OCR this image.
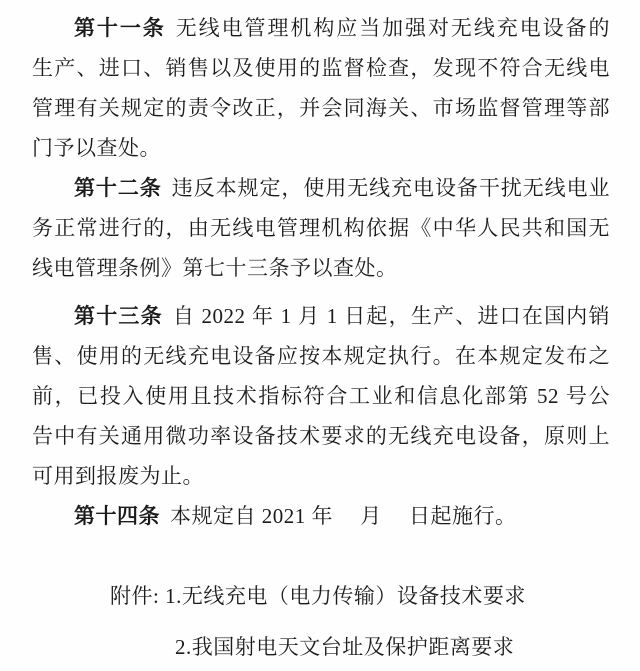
第十一条 无线电管理机构应当加强对无线充电设备的
生产、进口、销售以及使用的监督检查，发现不符合无线电
管理有关规定的责令改正，并会同海关、市场监督管理等部
门予以查处。
第十二条 违反本规定，使用无线充电设备干扰无线电业
务正常进行的，由无线电管理机构依据《中华人民共和国无
线电管理条例》第七十三条予以查处。
第十三条 自 2022 年 1 月 1 日起，生产、进口在国内销
售、使用的无线充电设备应按本规定执行。在本规定发布之
前，已投入使用且技术指标符合工业和信息化部第 52 号公
告中有关通用微功率设备技术要求的无线充电设备，原则上
可用到报废为止。
第十四条 本规定自 2021 年 　月 　日起施行。
附件: 1.无线充电（电力传输）设备技术要求
2.我国射电天文台址及保护距离要求
